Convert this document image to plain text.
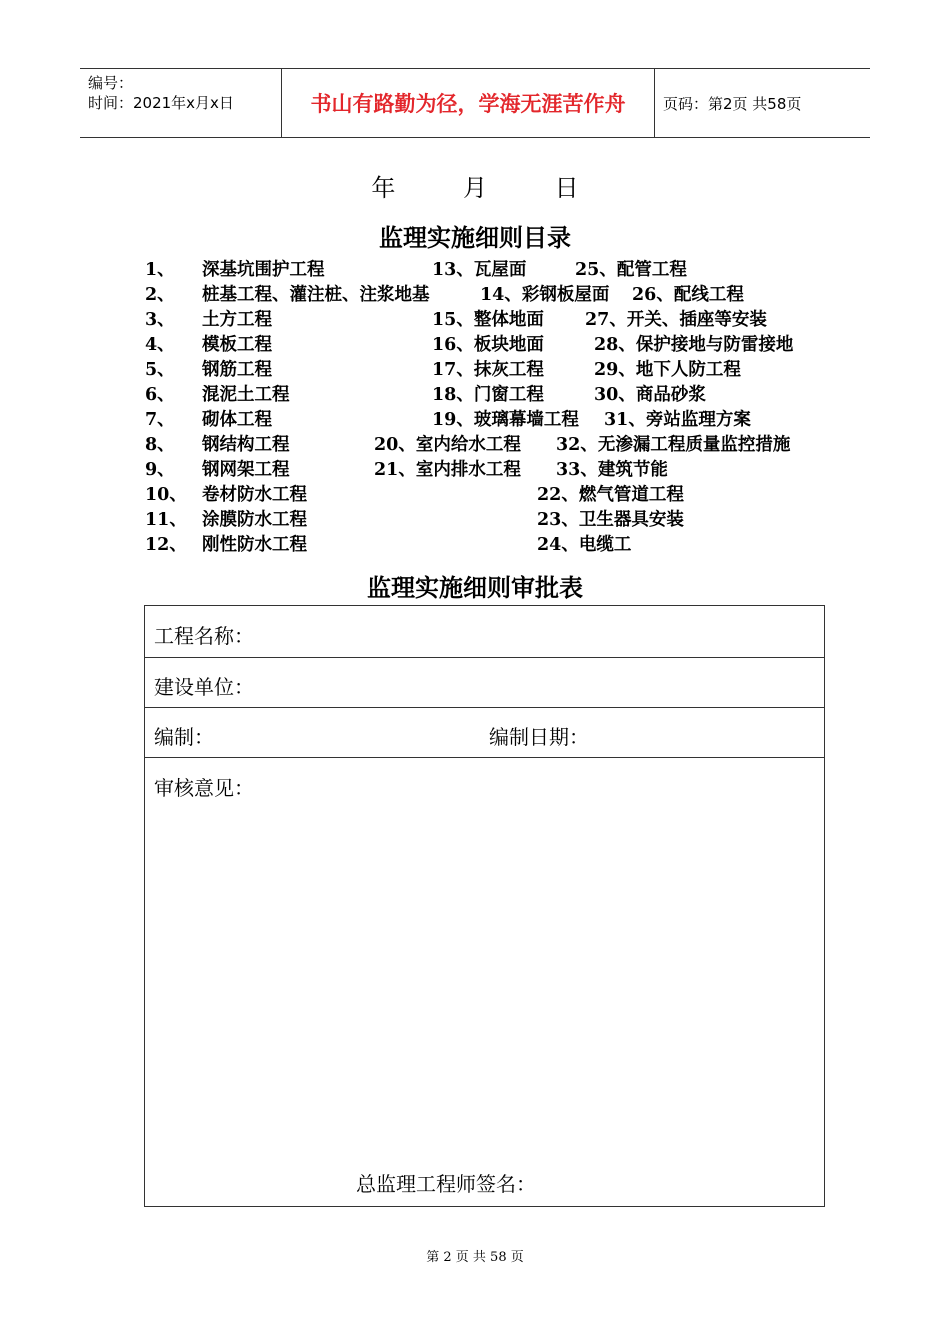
编号：
时间：2021年x月x日	书山有路勤为径，学海无涯苦作舟	页码：第2页 共58页
年 月 日
监理实施细则目录
1、 深基坑围护工程	13、瓦屋面	25、配管工程
2、 桩基工程、灌注桩、注浆地基	14、彩钢板屋面 26、配线工程
3、 土方工程	15、整体地面 27、开关、插座等安装
4、 模板工程	16、板块地面	28、保护接地与防雷接地
5、 钢筋工程	17、抹灰工程	29、地下人防工程
6、 混泥土工程	18、门窗工程	30、商品砂浆
7、 砌体工程	19、玻璃幕墙工程 31、旁站监理方案
8、 钢结构工程	20、室内给水工程 32、无渗漏工程质量监控措施
9、 钢网架工程	21、室内排水工程 33、建筑节能
10、 卷材防水工程	22、燃气管道工程
11、 涂膜防水工程	23、卫生器具安装
12、 刚性防水工程	24、电缆工
监理实施细则审批表
工程名称：
建设单位：
编制：	编制日期：
审核意见：
总监理工程师签名：
第 2 页 共 58 页
